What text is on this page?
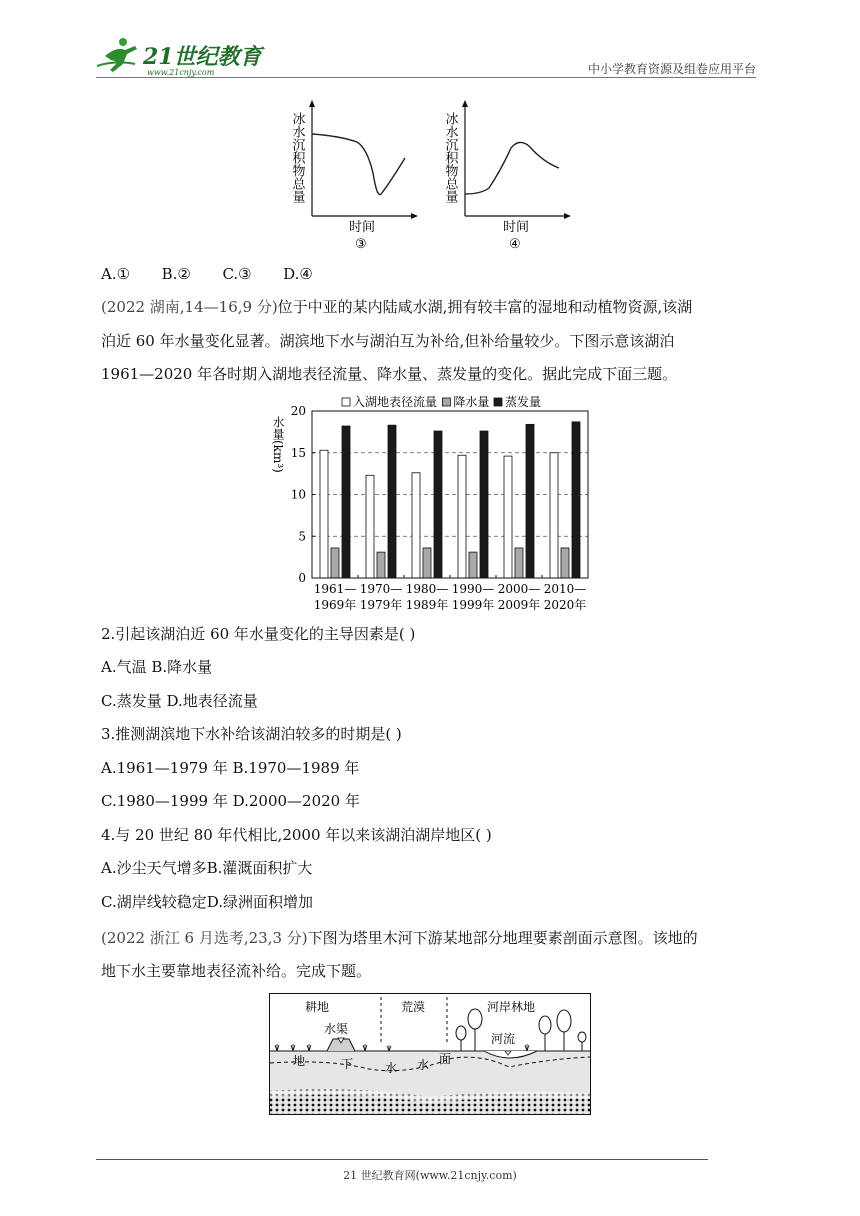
21世纪教育
www.21cnjy.com	中小学教育资源及组卷应用平台
冰水沉积物总量
时间
③
冰水沉积物总量
时间
④
A.① B.② C.③ D.④
(2022 湖南,14—16,9 分)位于中亚的某内陆咸水湖,拥有较丰富的湿地和动植物资源,该湖
泊近 60 年水量变化显著。湖滨地下水与湖泊互为补给,但补给量较少。下图示意该湖泊
1961—2020 年各时期入湖地表径流量、降水量、蒸发量的变化。据此完成下面三题。
0
5
10
15
20
1961—
1969年
1970—
1979年
1980—
1989年
1990—
1999年
2000—
2009年
2010—
2020年
入湖地表径流量 降水量 蒸发量
水量(km³)
2.引起该湖泊近 60 年水量变化的主导因素是( )
A.气温 B.降水量
C.蒸发量 D.地表径流量
3.推测湖滨地下水补给该湖泊较多的时期是( )
A.1961—1979 年 B.1970—1989 年
C.1980—1999 年 D.2000—2020 年
4.与 20 世纪 80 年代相比,2000 年以来该湖泊湖岸地区( )
A.沙尘天气增多B.灌溉面积扩大
C.湖岸线较稳定D.绿洲面积增加
(2022 浙江 6 月选考,23,3 分)下图为塔里木河下游某地部分地理要素剖面示意图。该地的
地下水主要靠地表径流补给。完成下题。
耕地	荒漠	河岸林地
水渠
河流
地	下	水 水 面
21 世纪教育网(www.21cnjy.com)
